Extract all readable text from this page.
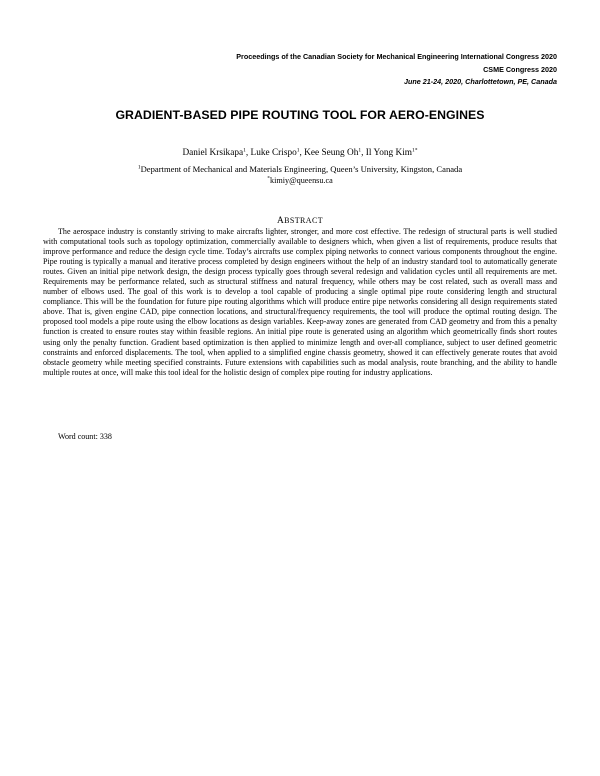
Proceedings of the Canadian Society for Mechanical Engineering International Congress 2020
CSME Congress 2020
June 21-24, 2020, Charlottetown, PE, Canada
GRADIENT-BASED PIPE ROUTING TOOL FOR AERO-ENGINES
Daniel Krsikapa$^1$, Luke Crispo$^1$, Kee Seung Oh$^1$, Il Yong Kim$^{1*}$
$^1$Department of Mechanical and Materials Engineering, Queen’s University, Kingston, Canada
*kimiy@queensu.ca
ABSTRACT
The aerospace industry is constantly striving to make aircrafts lighter, stronger, and more cost effective. The redesign of structural parts is well studied with computational tools such as topology optimization, commercially available to designers which, when given a list of requirements, produce results that improve performance and reduce the design cycle time. Today’s aircrafts use complex piping networks to connect various components throughout the engine. Pipe routing is typically a manual and iterative process completed by design engineers without the help of an industry standard tool to automatically generate routes. Given an initial pipe network design, the design process typically goes through several redesign and validation cycles until all requirements are met. Requirements may be performance related, such as structural stiffness and natural frequency, while others may be cost related, such as overall mass and number of elbows used. The goal of this work is to develop a tool capable of producing a single optimal pipe route considering length and structural compliance. This will be the foundation for future pipe routing algorithms which will produce entire pipe networks considering all design requirements stated above. That is, given engine CAD, pipe connection locations, and structural/frequency requirements, the tool will produce the optimal routing design. The proposed tool models a pipe route using the elbow locations as design variables. Keep-away zones are generated from CAD geometry and from this a penalty function is created to ensure routes stay within feasible regions. An initial pipe route is generated using an algorithm which geometrically finds short routes using only the penalty function. Gradient based optimization is then applied to minimize length and over-all compliance, subject to user defined geometric constraints and enforced displacements. The tool, when applied to a simplified engine chassis geometry, showed it can effectively generate routes that avoid obstacle geometry while meeting specified constraints. Future extensions with capabilities such as modal analysis, route branching, and the ability to handle multiple routes at once, will make this tool ideal for the holistic design of complex pipe routing for industry applications.
Word count: 338
